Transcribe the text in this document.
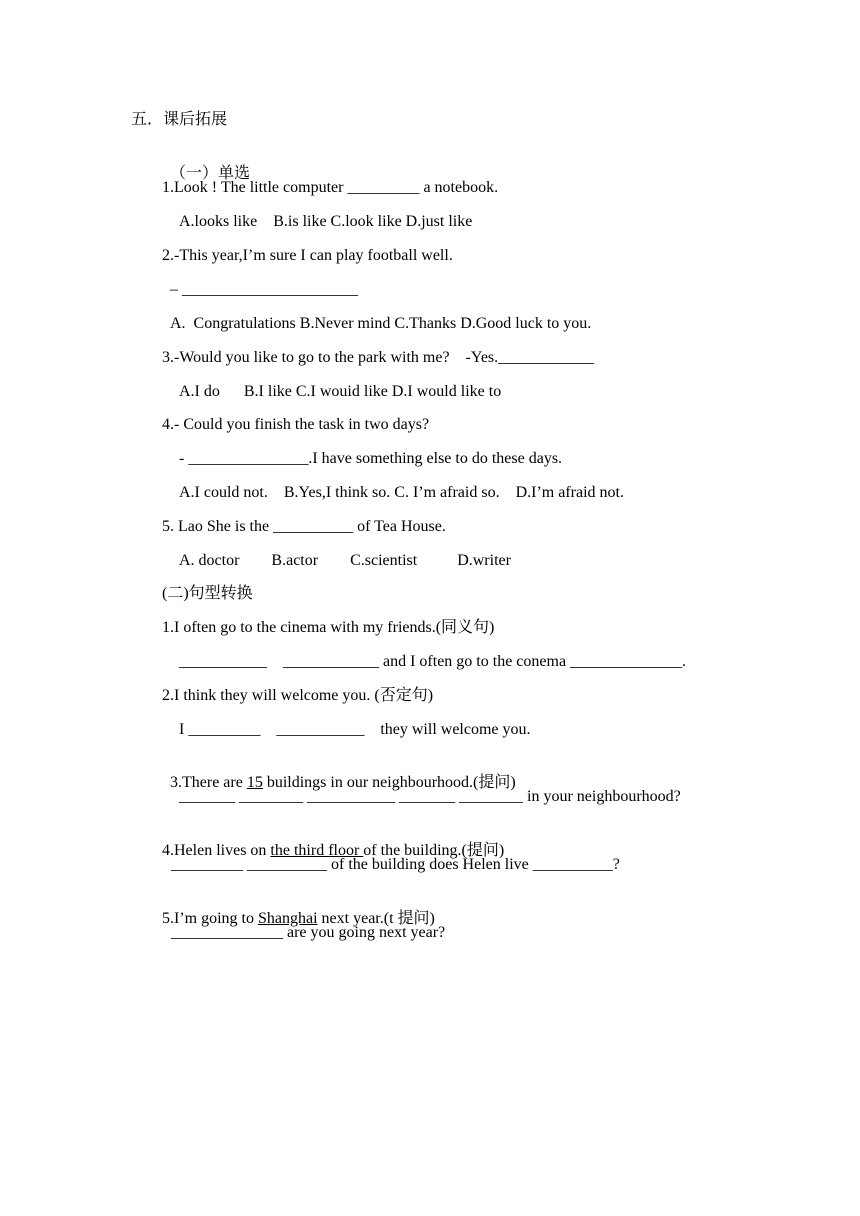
五．课后拓展

（一）单选

1.Look ! The little computer _________ a notebook.
A.looks like    B.is like C.look like D.just like
2.-This year,I’m sure I can play football well.
– ______________________
A.  Congratulations B.Never mind C.Thanks D.Good luck to you.
3.-Would you like to go to the park with me?    -Yes.____________
A.I do      B.I like C.I wouid like D.I would like to
4.- Could you finish the task in two days?
- _______________.I have something else to do these days.
A.I could not.    B.Yes,I think so. C. I’m afraid so.    D.I’m afraid not.
5. Lao She is the __________ of Tea House.
A. doctor        B.actor        C.scientist          D.writer
(二)句型转换
1.I often go to the cinema with my friends.(同义句)
___________    ____________ and I often go to the conema ______________.
2.I think they will welcome you. (否定句)
I _________    ___________    they will welcome you.

3.There are 15 buildings in our neighbourhood.(提问)

_______ ________ ___________ _______ ________ in your neighbourhood?

4.Helen lives on the third floor of the building.(提问)

_________ __________ of the building does Helen live __________?

5.I’m going to Shanghai next year.(t 提问)

______________ are you going next year?
